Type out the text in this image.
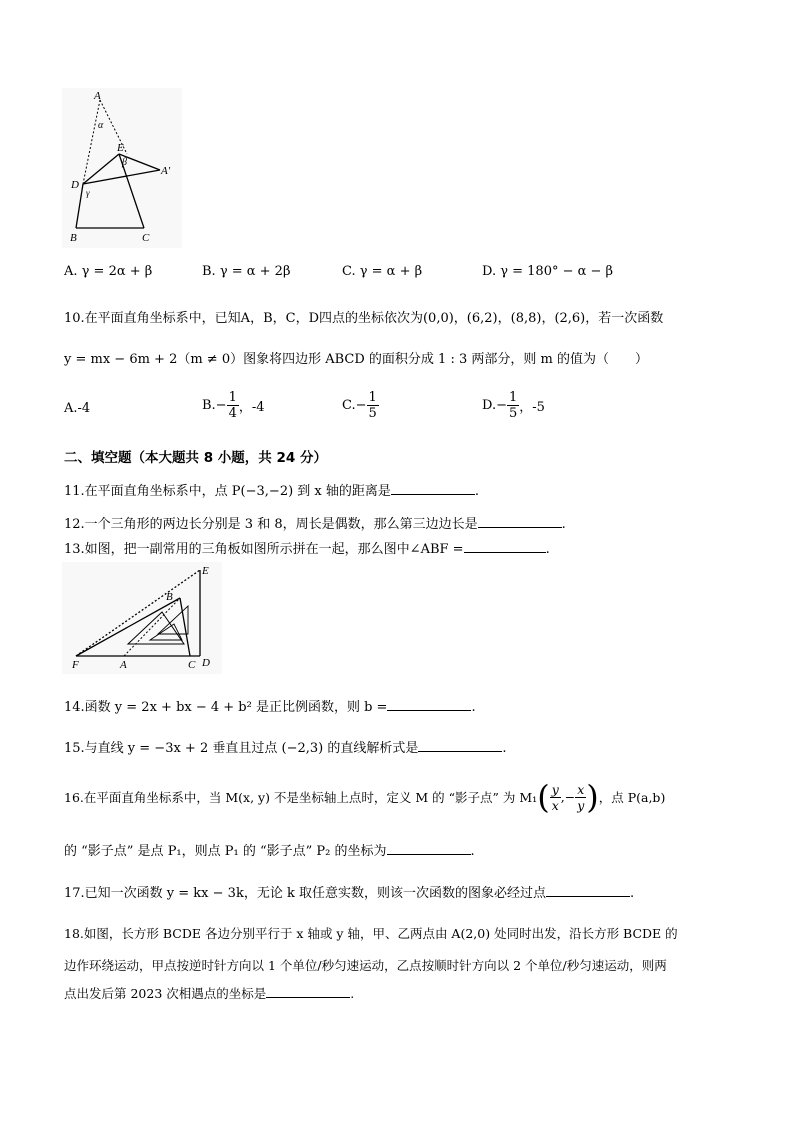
A
α
E
β
A'
D
γ
B	C
A. γ = 2α + β	B. γ = α + 2β	C. γ = α + β	D. γ = 180° − α − β
10.在平面直角坐标系中，已知A，B，C，D四点的坐标依次为(0,0)，(6,2)，(8,8)，(2,6)，若一次函数
y = mx − 6m + 2（m ≠ 0）图象将四边形 ABCD 的面积分成 1 : 3 两部分，则 m 的值为（　　）
A.-4	$B.- \frac{1}{4}$ ，-4	$C.- \frac{1}{5}$	$D.- \frac{1}{5}$ ，-5
二、填空题（本大题共 8 小题，共 24 分）
11.在平面直角坐标系中，点 P(−3,−2) 到 x 轴的距离是	.
12.一个三角形的两边长分别是 3 和 8，周长是偶数，那么第三边边长是	.
13.如图，把一副常用的三角板如图所示拼在一起，那么图中∠ABF =	.
E
B
F	A	C D
14.函数 y = 2x + bx − 4 + b² 是正比例函数，则 b =	.
15.与直线 y = −3x + 2 垂直且过点 (−2,3) 的直线解析式是	.
16.在平面直角坐标系中，当 M(x, y) 不是坐标轴上点时，定义 M 的 “影子点” 为 $M_1( \frac{y}{x}$ ,− $\frac{x}{y}$ )，点 P(a,b)
的 “影子点” 是点 P₁，则点 P₁ 的 “影子点” P₂ 的坐标为	.
17.已知一次函数 y = kx − 3k，无论 k 取任意实数，则该一次函数的图象必经过点	.
18.如图，长方形 BCDE 各边分别平行于 x 轴或 y 轴，甲、乙两点由 A(2,0) 处同时出发，沿长方形 BCDE 的
边作环绕运动，甲点按逆时针方向以 1 个单位/秒匀速运动，乙点按顺时针方向以 2 个单位/秒匀速运动，则两
点出发后第 2023 次相遇点的坐标是	.
